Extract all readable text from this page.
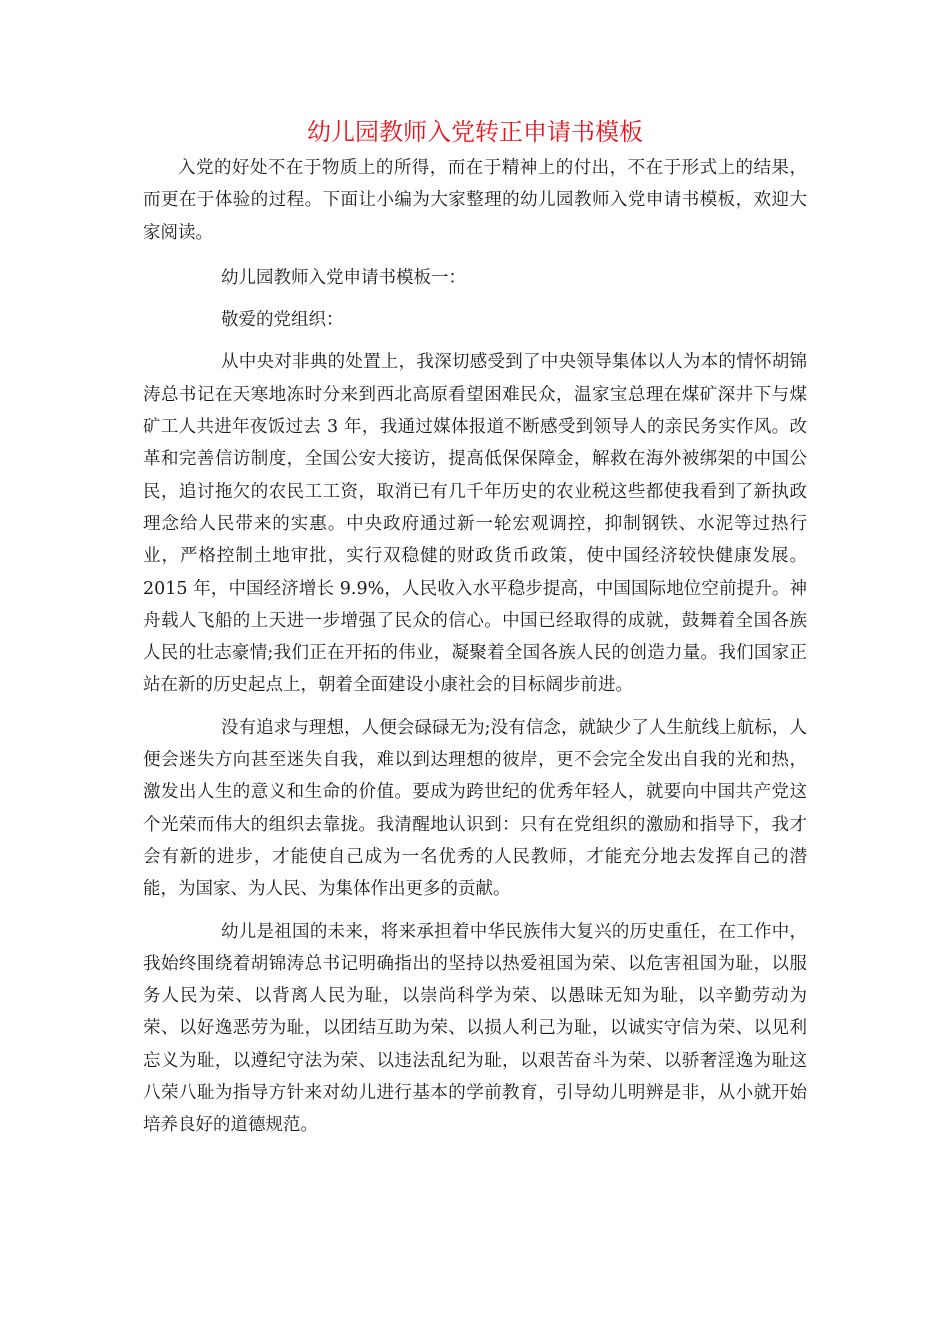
幼儿园教师入党转正申请书模板

入党的好处不在于物质上的所得，而在于精神上的付出，不在于形式上的结果，而更在于体验的过程。下面让小编为大家整理的幼儿园教师入党申请书模板，欢迎大家阅读。

幼儿园教师入党申请书模板一：

敬爱的党组织：

从中央对非典的处置上，我深切感受到了中央领导集体以人为本的情怀胡锦涛总书记在天寒地冻时分来到西北高原看望困难民众，温家宝总理在煤矿深井下与煤矿工人共进年夜饭过去 3 年，我通过媒体报道不断感受到领导人的亲民务实作风。改革和完善信访制度，全国公安大接访，提高低保保障金，解救在海外被绑架的中国公民，追讨拖欠的农民工工资，取消已有几千年历史的农业税这些都使我看到了新执政理念给人民带来的实惠。中央政府通过新一轮宏观调控，抑制钢铁、水泥等过热行业，严格控制土地审批，实行双稳健的财政货币政策，使中国经济较快健康发展。2015 年，中国经济增长 9.9%，人民收入水平稳步提高，中国国际地位空前提升。神舟载人飞船的上天进一步增强了民众的信心。中国已经取得的成就，鼓舞着全国各族人民的壮志豪情;我们正在开拓的伟业，凝聚着全国各族人民的创造力量。我们国家正站在新的历史起点上，朝着全面建设小康社会的目标阔步前进。

没有追求与理想，人便会碌碌无为;没有信念，就缺少了人生航线上航标，人便会迷失方向甚至迷失自我，难以到达理想的彼岸，更不会完全发出自我的光和热，激发出人生的意义和生命的价值。要成为跨世纪的优秀年轻人，就要向中国共产党这个光荣而伟大的组织去靠拢。我清醒地认识到：只有在党组织的激励和指导下，我才会有新的进步，才能使自己成为一名优秀的人民教师，才能充分地去发挥自己的潜能，为国家、为人民、为集体作出更多的贡献。

幼儿是祖国的未来，将来承担着中华民族伟大复兴的历史重任，在工作中，我始终围绕着胡锦涛总书记明确指出的坚持以热爱祖国为荣、以危害祖国为耻，以服务人民为荣、以背离人民为耻，以崇尚科学为荣、以愚昧无知为耻，以辛勤劳动为荣、以好逸恶劳为耻，以团结互助为荣、以损人利己为耻，以诚实守信为荣、以见利忘义为耻，以遵纪守法为荣、以违法乱纪为耻，以艰苦奋斗为荣、以骄奢淫逸为耻这八荣八耻为指导方针来对幼儿进行基本的学前教育，引导幼儿明辨是非，从小就开始培养良好的道德规范。
